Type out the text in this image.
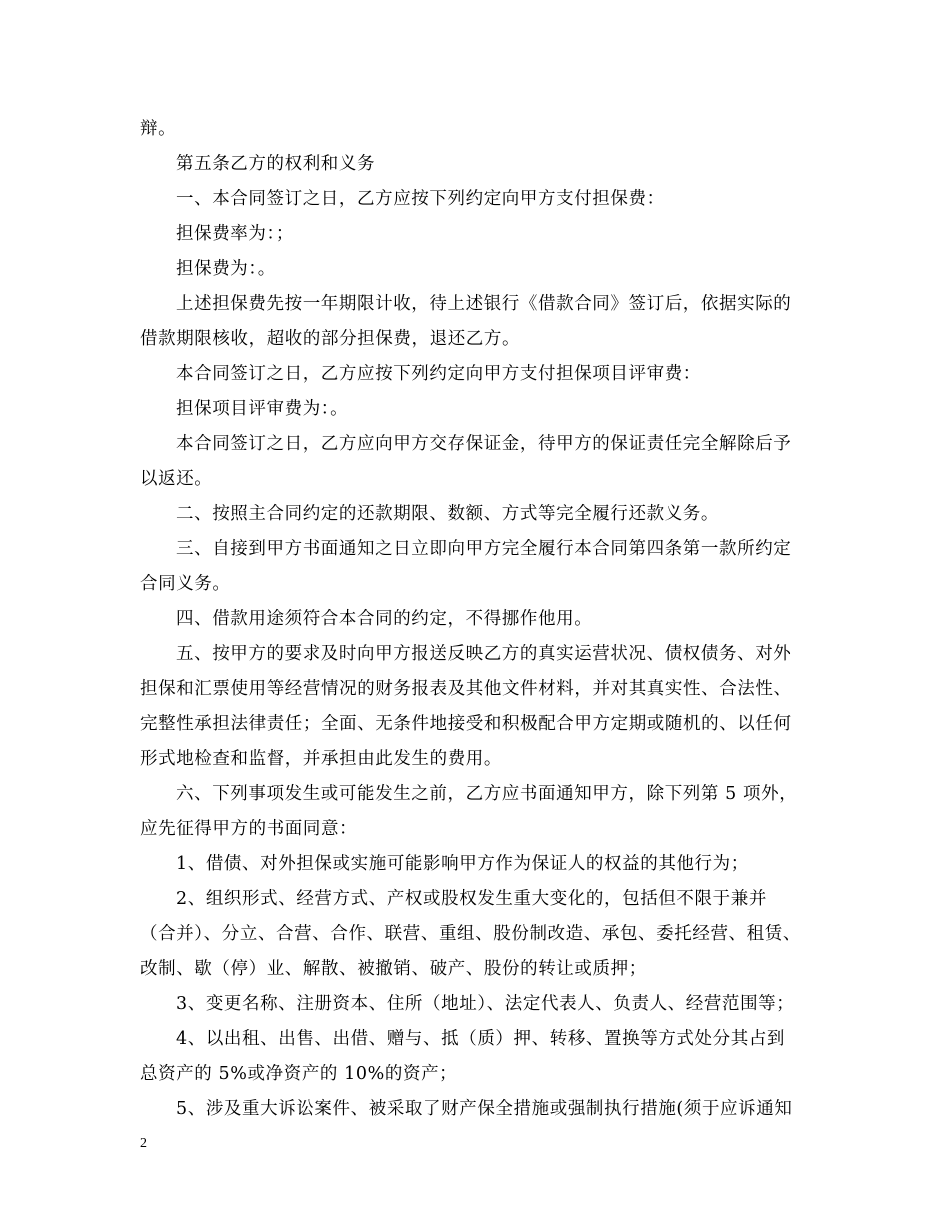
辩。
第五条乙方的权利和义务
一、本合同签订之日，乙方应按下列约定向甲方支付担保费：
担保费率为：；
担保费为：。
上述担保费先按一年期限计收，待上述银行《借款合同》签订后，依据实际的
借款期限核收，超收的部分担保费，退还乙方。
本合同签订之日，乙方应按下列约定向甲方支付担保项目评审费：
担保项目评审费为：。
本合同签订之日，乙方应向甲方交存保证金，待甲方的保证责任完全解除后予
以返还。
二、按照主合同约定的还款期限、数额、方式等完全履行还款义务。
三、自接到甲方书面通知之日立即向甲方完全履行本合同第四条第一款所约定
合同义务。
四、借款用途须符合本合同的约定，不得挪作他用。
五、按甲方的要求及时向甲方报送反映乙方的真实运营状况、债权债务、对外
担保和汇票使用等经营情况的财务报表及其他文件材料，并对其真实性、合法性、
完整性承担法律责任；全面、无条件地接受和积极配合甲方定期或随机的、以任何
形式地检查和监督，并承担由此发生的费用。
六、下列事项发生或可能发生之前，乙方应书面通知甲方，除下列第 5 项外，
应先征得甲方的书面同意：
1、借债、对外担保或实施可能影响甲方作为保证人的权益的其他行为；
2、组织形式、经营方式、产权或股权发生重大变化的，包括但不限于兼并
（合并）、分立、合营、合作、联营、重组、股份制改造、承包、委托经营、租赁、
改制、歇（停）业、解散、被撤销、破产、股份的转让或质押；
3、变更名称、注册资本、住所（地址）、法定代表人、负责人、经营范围等；
4、以出租、出售、出借、赠与、抵（质）押、转移、置换等方式处分其占到
总资产的 5%或净资产的 10%的资产；
5、涉及重大诉讼案件、被采取了财产保全措施或强制执行措施(须于应诉通知
2
